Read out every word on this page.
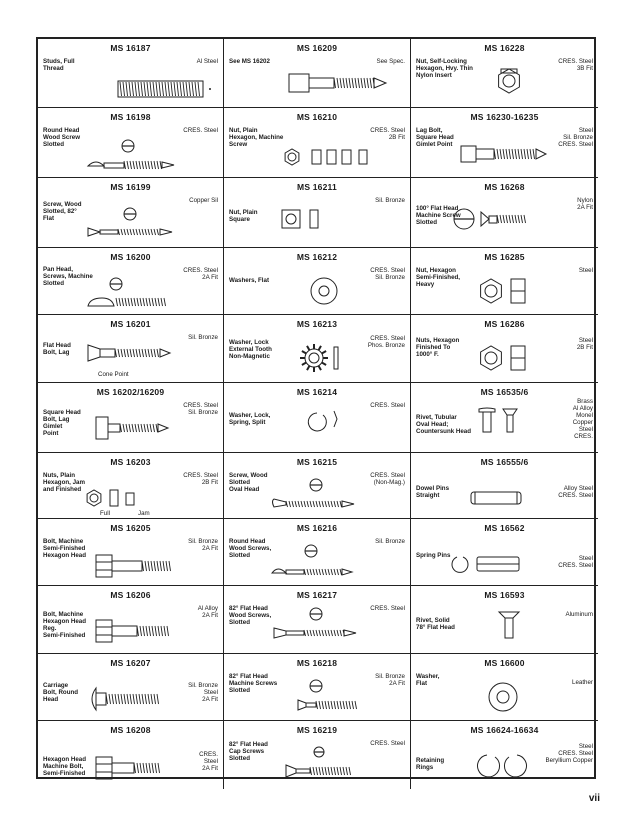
MS 16187
Studs, Full
Thread
Al Steel
MS 16209
See MS 16202	See Spec.
MS 16228
Nut, Self-Locking
Hexagon, Hvy. Thin
Nylon Insert
CRES. Steel
3B Fit
MS 16198
Round Head
Wood Screw
Slotted
CRES. Steel
MS 16210
Nut, Plain
Hexagon, Machine
Screw
CRES. Steel
2B Fit
MS 16230-16235
Lag Bolt,
Square Head
Gimlet Point
Steel
Sil. Bronze
CRES. Steel
MS 16199
Screw, Wood
Slotted, 82°
Flat
Copper Sil
MS 16211
Nut, Plain
Square
Sil. Bronze
MS 16268
100° Flat Head
Machine Screw
Slotted
Nylon
2A Fit
MS 16200
Pan Head,
Screws, Machine
Slotted
CRES. Steel
2A Fit
MS 16212
Washers, Flat
CRES. Steel
Sil. Bronze
MS 16285
Nut, Hexagon
Semi-Finished,
Heavy
Steel
MS 16201
Flat Head
Bolt, Lag
Sil. Bronze
Cone Point
MS 16213
Washer, Lock
External Tooth
Non-Magnetic
CRES. Steel
Phos. Bronze
MS 16286
Nuts, Hexagon
Finished To
1000° F.
Steel
2B Fit
MS 16202/16209
Square Head
Bolt, Lag
Gimlet
Point
CRES. Steel
Sil. Bronze
MS 16214
Washer, Lock,
Spring, Split
CRES. Steel
MS 16535/6
Rivet, Tubular
Oval Head;
Countersunk Head
Brass
Al Alloy
Monel
Copper
Steel
CRES.
MS 16203
Nuts, Plain
Hexagon, Jam
and Finished
CRES. Steel
2B Fit
Full	Jam
MS 16215
Screw, Wood
Slotted
Oval Head
CRES. Steel
(Non-Mag.)
MS 16555/6
Dowel Pins
Straight
Alloy Steel
CRES. Steel
MS 16205
Bolt, Machine
Semi-Finished
Hexagon Head
Sil. Bronze
2A Fit
MS 16216
Round Head
Wood Screws,
Slotted
Sil. Bronze
MS 16562
Spring Pins	Steel
CRES. Steel
MS 16206
Bolt, Machine
Hexagon Head
Reg.
Semi-Finished
Al Alloy
2A Fit
MS 16217
82° Flat Head
Wood Screws,
Slotted
CRES. Steel
MS 16593
Rivet, Solid
78° Flat Head
Aluminum
MS 16207
Carriage
Bolt, Round
Head
Sil. Bronze
Steel
2A Fit
MS 16218
82° Flat Head
Machine Screws
Slotted
Sil. Bronze
2A Fit
MS 16600
Washer,
Flat	Leather
MS 16208
Hexagon Head
Machine Bolt,
Semi-Finished
CRES.
Steel
2A Fit
MS 16219
82° Flat Head
Cap Screws
Slotted
CRES. Steel
MS 16624-16634
Retaining
Rings
Steel
CRES. Steel
Beryllium Copper
vii
